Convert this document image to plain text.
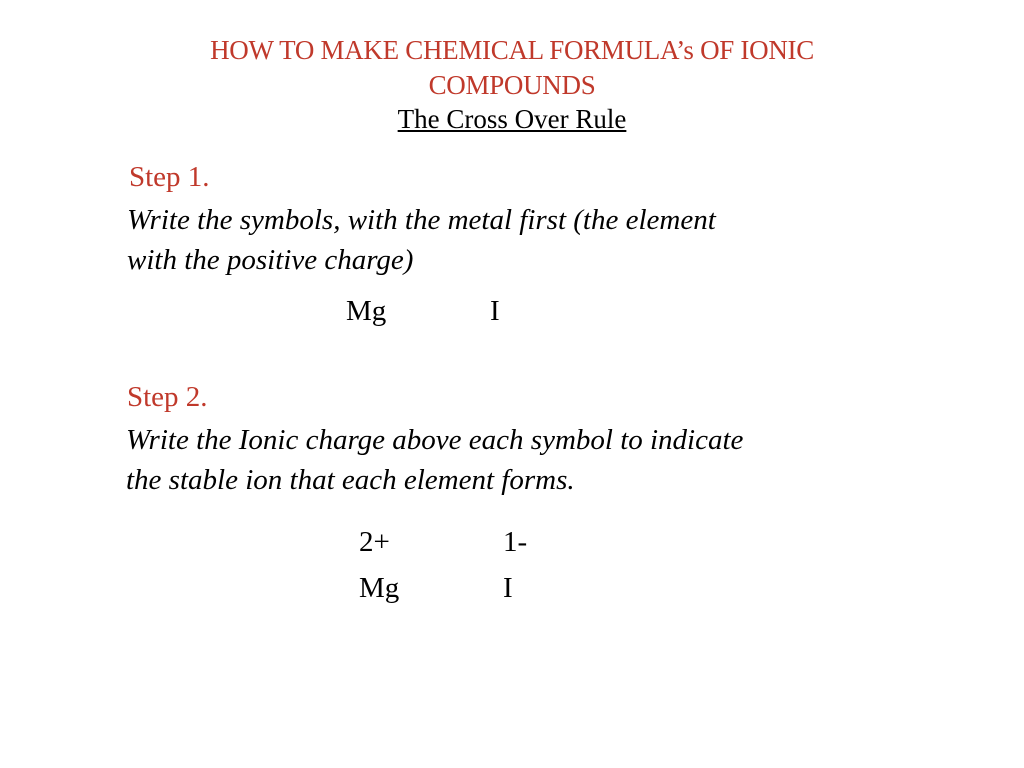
HOW TO MAKE CHEMICAL FORMULA’s OF IONIC
COMPOUNDS
The Cross Over Rule
Step 1.
Write the symbols, with the metal first (the element
with the positive charge)
Mg	I
Step 2.
Write the Ionic charge above each symbol to indicate
the stable ion that each element forms.
2+
Mg
1-
I
